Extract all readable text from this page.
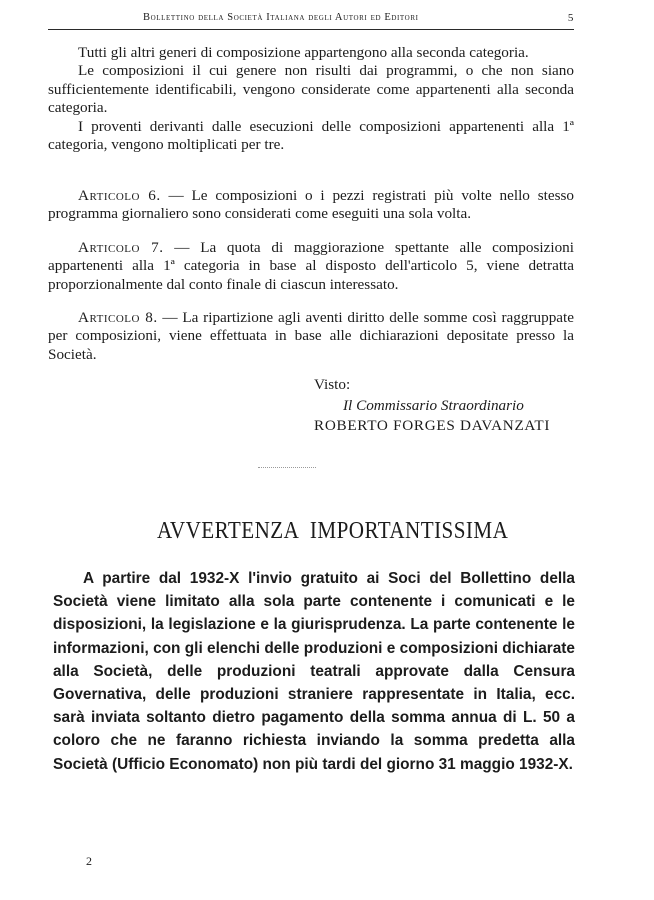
Bollettino della Società Italiana degli Autori ed Editori	5

Tutti gli altri generi di composizione appartengono alla seconda categoria.

Le composizioni il cui genere non risulti dai programmi, o che non siano sufficientemente identificabili, vengono considerate come appartenenti alla seconda categoria.

I proventi derivanti dalle esecuzioni delle composizioni appartenenti alla 1ª categoria, vengono moltiplicati per tre.

Articolo 6. — Le composizioni o i pezzi registrati più volte nello stesso programma giornaliero sono considerati come eseguiti una sola volta.

Articolo 7. — La quota di maggiorazione spettante alle composizioni appartenenti alla 1ª categoria in base al disposto dell'articolo 5, viene detratta proporzionalmente dal conto finale di ciascun interessato.

Articolo 8. — La ripartizione agli aventi diritto delle somme così raggruppate per composizioni, viene effettuata in base alle dichiarazioni depositate presso la Società.

Visto:
Il Commissario Straordinario
ROBERTO FORGES DAVANZATI
AVVERTENZA IMPORTANTISSIMA

A partire dal 1932-X l'invio gratuito ai Soci del Bollettino della Società viene limitato alla sola parte contenente i comunicati e le disposizioni, la legislazione e la giurisprudenza. La parte contenente le informazioni, con gli elenchi delle produzioni e composizioni dichiarate alla Società, delle produzioni teatrali approvate dalla Censura Governativa, delle produzioni straniere rappresentate in Italia, ecc. sarà inviata soltanto dietro pagamento della somma annua di L. 50 a coloro che ne faranno richiesta inviando la somma predetta alla Società (Ufficio Economato) non più tardi del giorno 31 maggio 1932-X.

2
